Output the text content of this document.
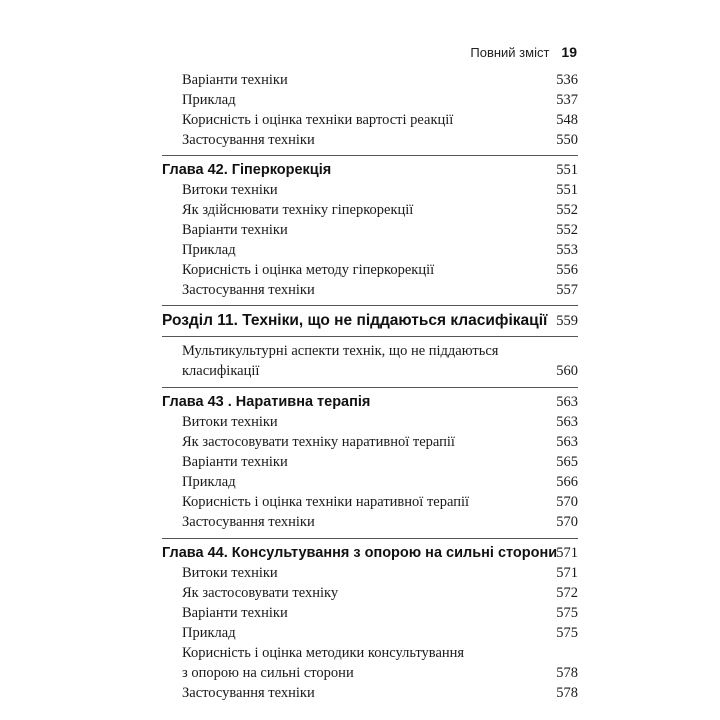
Повний зміст 19
Варіанти техніки	536
Приклад	537
Корисність і оцінка техніки вартості реакції	548
Застосування техніки	550
Глава 42. Гіперкорекція	551
Витоки техніки	551
Як здійснювати техніку гіперкорекції	552
Варіанти техніки	552
Приклад	553
Корисність і оцінка методу гіперкорекції	556
Застосування техніки	557
Розділ 11. Техніки, що не піддаються класифікації 559
Мультикультурні аспекти технік, що не піддаються
класифікації	560
Глава 43 . Наративна терапія	563
Витоки техніки	563
Як застосовувати техніку наративної терапії	563
Варіанти техніки	565
Приклад	566
Корисність і оцінка техніки наративної терапії	570
Застосування техніки	570
Глава 44. Консультування з опорою на сильні сторони 571
Витоки техніки	571
Як застосовувати техніку	572
Варіанти техніки	575
Приклад	575
Корисність і оцінка методики консультування
з опорою на сильні сторони	578
Застосування техніки	578
